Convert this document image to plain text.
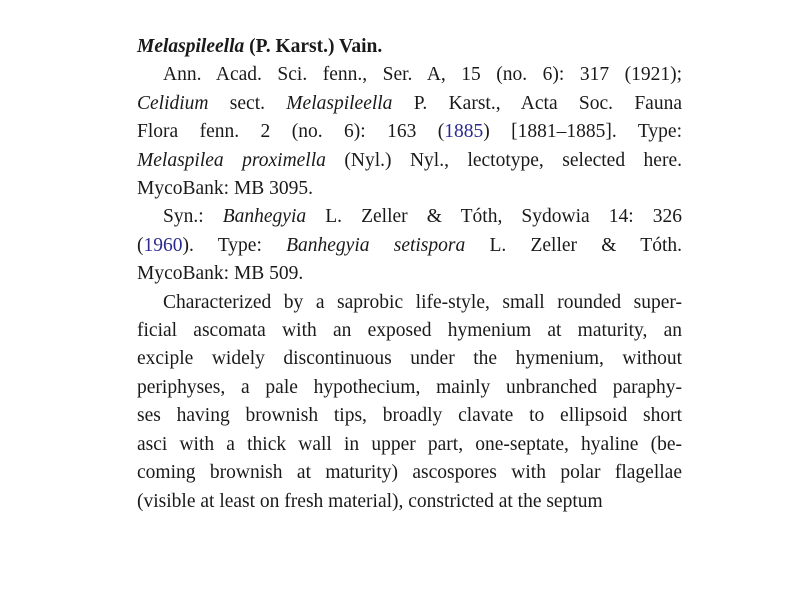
Melaspileella (P. Karst.) Vain.
Ann. Acad. Sci. fenn., Ser. A, 15 (no. 6): 317 (1921);
Celidium sect. Melaspileella P. Karst., Acta Soc. Fauna
Flora fenn. 2 (no. 6): 163 (1885) [1881–1885]. Type:
Melaspilea proximella (Nyl.) Nyl., lectotype, selected here.
MycoBank: MB 3095.
Syn.: Banhegyia L. Zeller & Tóth, Sydowia 14: 326
(1960). Type: Banhegyia setispora L. Zeller & Tóth.
MycoBank: MB 509.
Characterized by a saprobic life-style, small rounded super-
ficial ascomata with an exposed hymenium at maturity, an
exciple widely discontinuous under the hymenium, without
periphyses, a pale hypothecium, mainly unbranched paraphy-
ses having brownish tips, broadly clavate to ellipsoid short
asci with a thick wall in upper part, one-septate, hyaline (be-
coming brownish at maturity) ascospores with polar flagellae
(visible at least on fresh material), constricted at the septum
